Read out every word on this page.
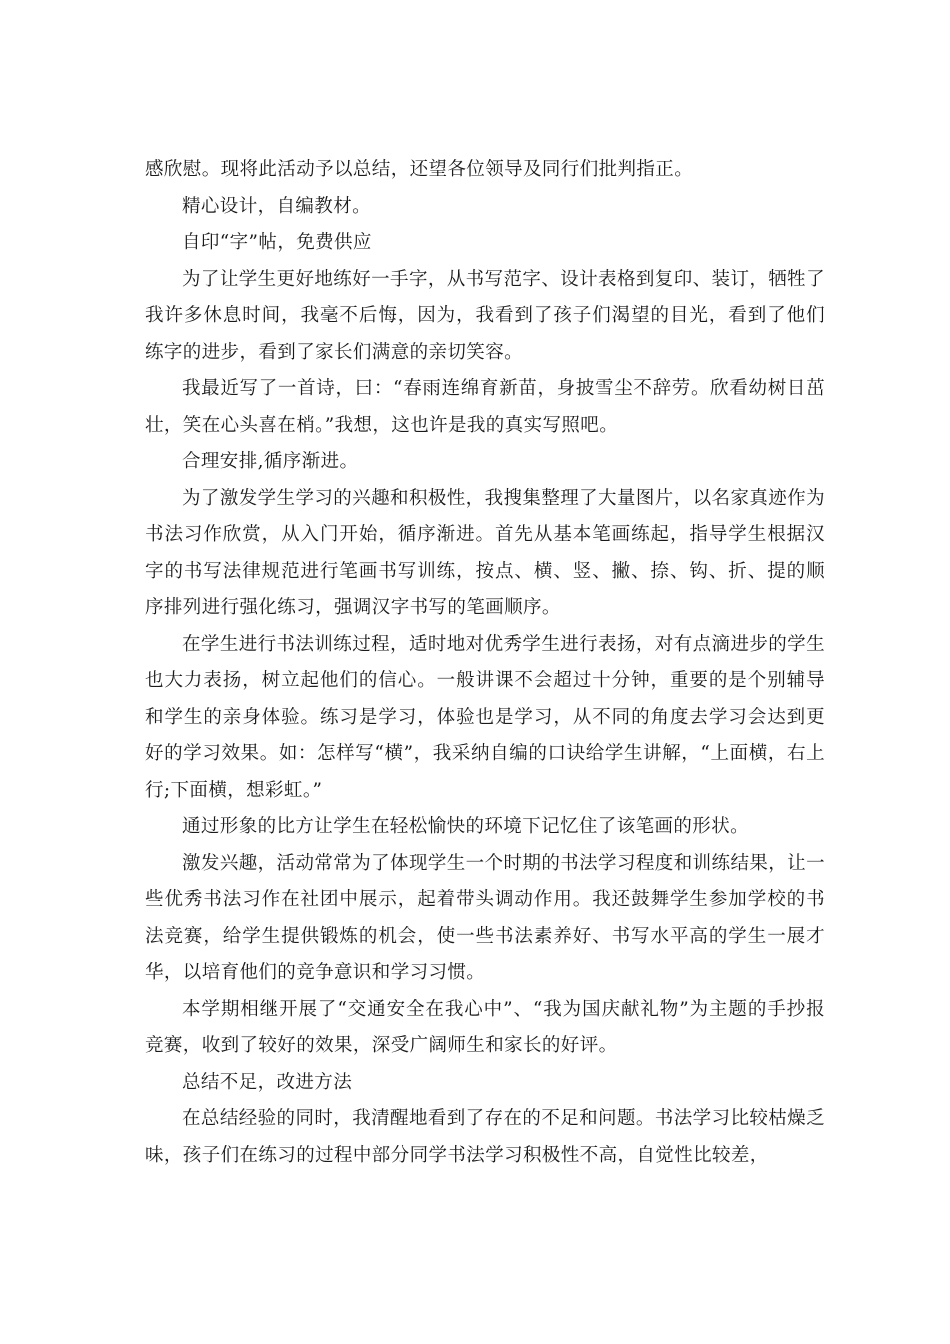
感欣慰。现将此活动予以总结，还望各位领导及同行们批判指正。

精心设计，自编教材。

自印“字”帖，免费供应

为了让学生更好地练好一手字，从书写范字、设计表格到复印、装订，牺牲了我许多休息时间，我毫不后悔，因为，我看到了孩子们渴望的目光，看到了他们练字的进步，看到了家长们满意的亲切笑容。

我最近写了一首诗，曰：“春雨连绵育新苗，身披雪尘不辞劳。欣看幼树日茁壮，笑在心头喜在梢。”我想，这也许是我的真实写照吧。

合理安排,循序渐进。

为了激发学生学习的兴趣和积极性，我搜集整理了大量图片，以名家真迹作为书法习作欣赏，从入门开始，循序渐进。首先从基本笔画练起，指导学生根据汉字的书写法律规范进行笔画书写训练，按点、横、竖、撇、捺、钩、折、提的顺序排列进行强化练习，强调汉字书写的笔画顺序。

在学生进行书法训练过程，适时地对优秀学生进行表扬，对有点滴进步的学生也大力表扬，树立起他们的信心。一般讲课不会超过十分钟，重要的是个别辅导和学生的亲身体验。练习是学习，体验也是学习，从不同的角度去学习会达到更好的学习效果。如：怎样写“横”，我采纳自编的口诀给学生讲解，“上面横，右上行;下面横，想彩虹。”

通过形象的比方让学生在轻松愉快的环境下记忆住了该笔画的形状。

激发兴趣，活动常常为了体现学生一个时期的书法学习程度和训练结果，让一些优秀书法习作在社团中展示，起着带头调动作用。我还鼓舞学生参加学校的书法竞赛，给学生提供锻炼的机会，使一些书法素养好、书写水平高的学生一展才华，以培育他们的竞争意识和学习习惯。

本学期相继开展了“交通安全在我心中”、“我为国庆献礼物”为主题的手抄报竞赛，收到了较好的效果，深受广阔师生和家长的好评。

总结不足，改进方法

在总结经验的同时，我清醒地看到了存在的不足和问题。书法学习比较枯燥乏味，孩子们在练习的过程中部分同学书法学习积极性不高，自觉性比较差，
